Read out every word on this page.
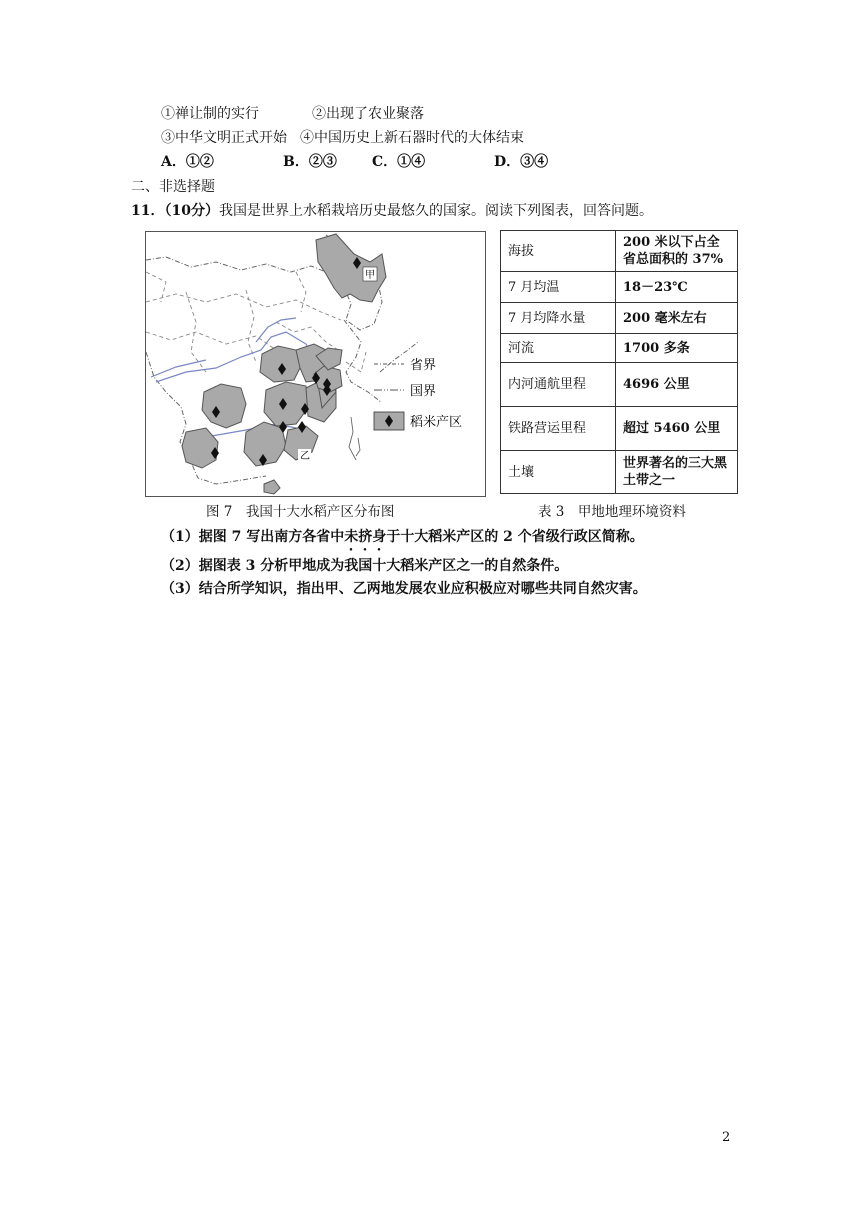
①禅让制的实行	②出现了农业聚落
③中华文明正式开始 ④中国历史上新石器时代的大体结束
A．①②	B．②③	C．①④	D．③④
二、非选择题
11．（10分）我国是世界上水稻栽培历史最悠久的国家。阅读下列图表，回答问题。
甲
乙
省界
国界
稻米产区
图 7　我国十大水稻产区分布图
海拔	200 米以下占全省总面积的 37%
7 月均温	18－23℃
7 月均降水量	200 毫米左右
河流	1700 多条
内河通航里程	4696 公里
铁路营运里程	超过 5460 公里
土壤	世界著名的三大黑土带之一
表 3　甲地地理环境资料
（1）据图 7 写出南方各省中未挤身于十大稻米产区的 2 个省级行政区简称。
（2）据图表 3 分析甲地成为我国十大稻米产区之一的自然条件。
（3）结合所学知识，指出甲、乙两地发展农业应积极应对哪些共同自然灾害。
2
